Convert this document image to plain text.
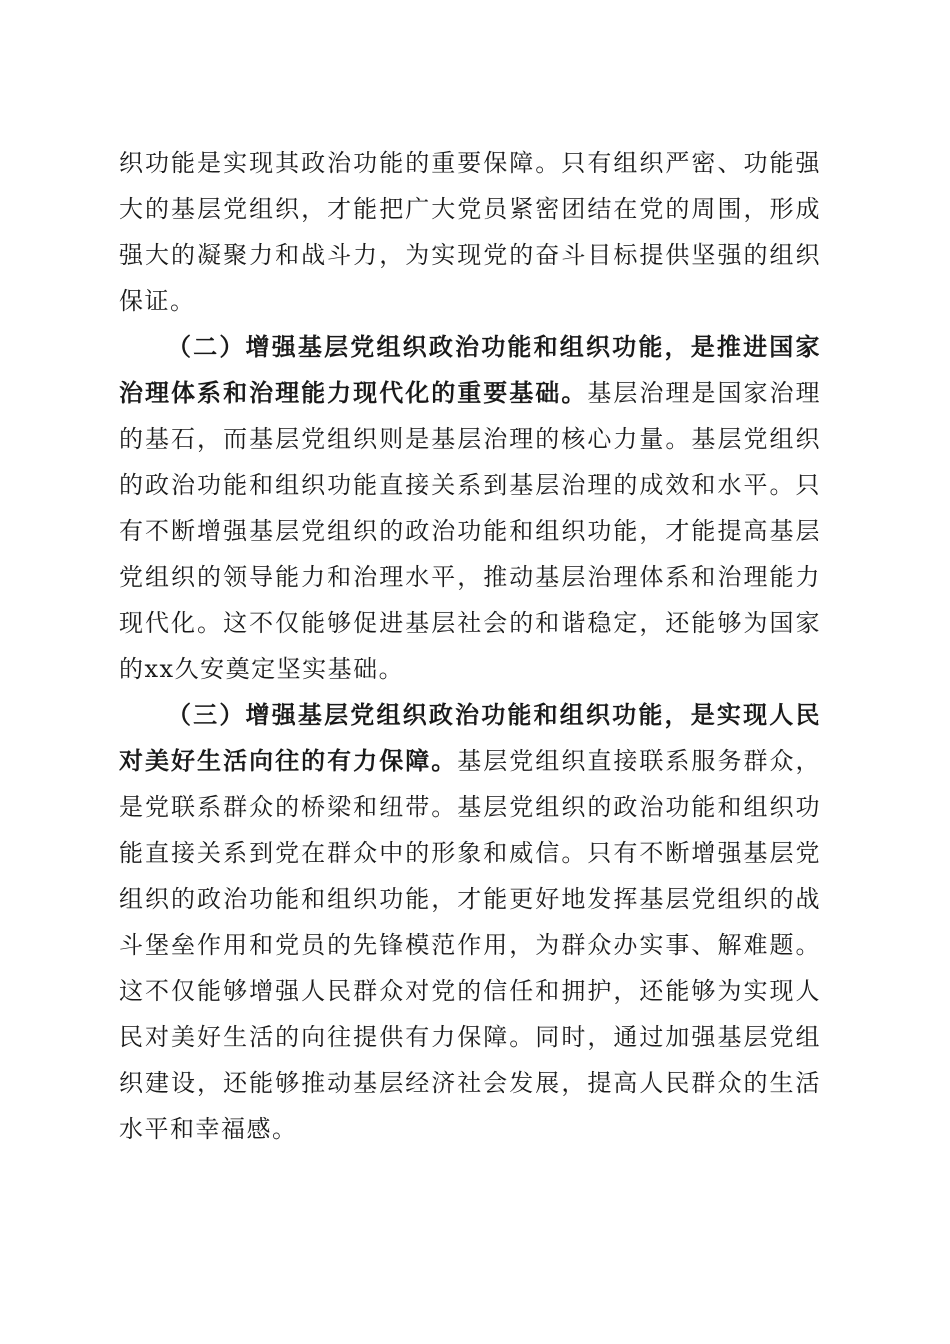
织功能是实现其政治功能的重要保障。只有组织严密、功能强大的基层党组织，才能把广大党员紧密团结在党的周围，形成强大的凝聚力和战斗力，为实现党的奋斗目标提供坚强的组织保证。

（二）增强基层党组织政治功能和组织功能，是推进国家治理体系和治理能力现代化的重要基础。基层治理是国家治理的基石，而基层党组织则是基层治理的核心力量。基层党组织的政治功能和组织功能直接关系到基层治理的成效和水平。只有不断增强基层党组织的政治功能和组织功能，才能提高基层党组织的领导能力和治理水平，推动基层治理体系和治理能力现代化。这不仅能够促进基层社会的和谐稳定，还能够为国家的xx久安奠定坚实基础。

（三）增强基层党组织政治功能和组织功能，是实现人民对美好生活向往的有力保障。基层党组织直接联系服务群众，是党联系群众的桥梁和纽带。基层党组织的政治功能和组织功能直接关系到党在群众中的形象和威信。只有不断增强基层党组织的政治功能和组织功能，才能更好地发挥基层党组织的战斗堡垒作用和党员的先锋模范作用，为群众办实事、解难题。这不仅能够增强人民群众对党的信任和拥护，还能够为实现人民对美好生活的向往提供有力保障。同时，通过加强基层党组织建设，还能够推动基层经济社会发展，提高人民群众的生活水平和幸福感。
